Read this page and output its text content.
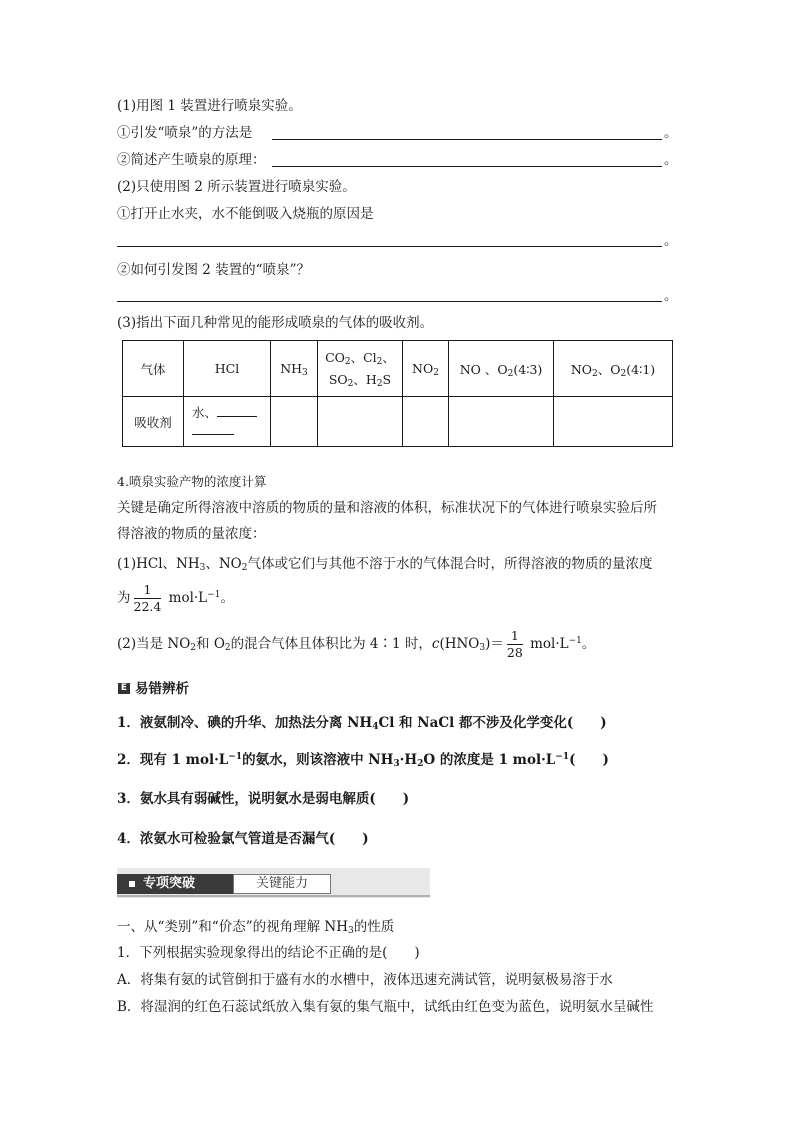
(1)用图 1 装置进行喷泉实验。
①引发“喷泉”的方法是	。
②简述产生喷泉的原理：	。
(2)只使用图 2 所示装置进行喷泉实验。
①打开止水夹，水不能倒吸入烧瓶的原因是
。
②如何引发图 2 装置的“喷泉”？
。
(3)指出下面几种常见的能形成喷泉的气体的吸收剂。
气体	HCl	$NH_3$	$CO_2$、$Cl_2$、
$SO_2$、$H_2S$	$NO_2$	NO 、$O_2(4∶3)$	$NO_2$、$O_2(4∶1)$
吸收剂	水、

4.喷泉实验产物的浓度计算
关键是确定所得溶液中溶质的物质的量和溶液的体积，标准状况下的气体进行喷泉实验后所
得溶液的物质的量浓度：
(1)HCl、$NH_3$、$NO_2$气体或它们与其他不溶于水的气体混合时，所得溶液的物质的量浓度
为 $\frac{1}{22.4} mol\cdot L^{-1}$。
(2)当是 $NO_2$和 $O_2$的混合气体且体积比为 4∶1 时，$c(HNO_3)= \frac{1}{28} mol\cdot L^{-1}$。
E 易错辨析
1．液氨制冷、碘的升华、加热法分离 $NH_4Cl$ 和 NaCl 都不涉及化学变化(　　)
2．现有 1 $mol\cdot L^{-1}$的氨水，则该溶液中 $NH_3\cdot H_2O$ 的浓度是 1 $mol\cdot L^{-1}$(　　)
3．氨水具有弱碱性，说明氨水是弱电解质(　　)
4．浓氨水可检验氯气管道是否漏气(　　)
专项突破	关键能力
一、从“类别”和“价态”的视角理解 $NH_3$的性质
1．下列根据实验现象得出的结论不正确的是(　　)
A．将集有氨的试管倒扣于盛有水的水槽中，液体迅速充满试管，说明氨极易溶于水
B．将湿润的红色石蕊试纸放入集有氨的集气瓶中，试纸由红色变为蓝色，说明氨水呈碱性
